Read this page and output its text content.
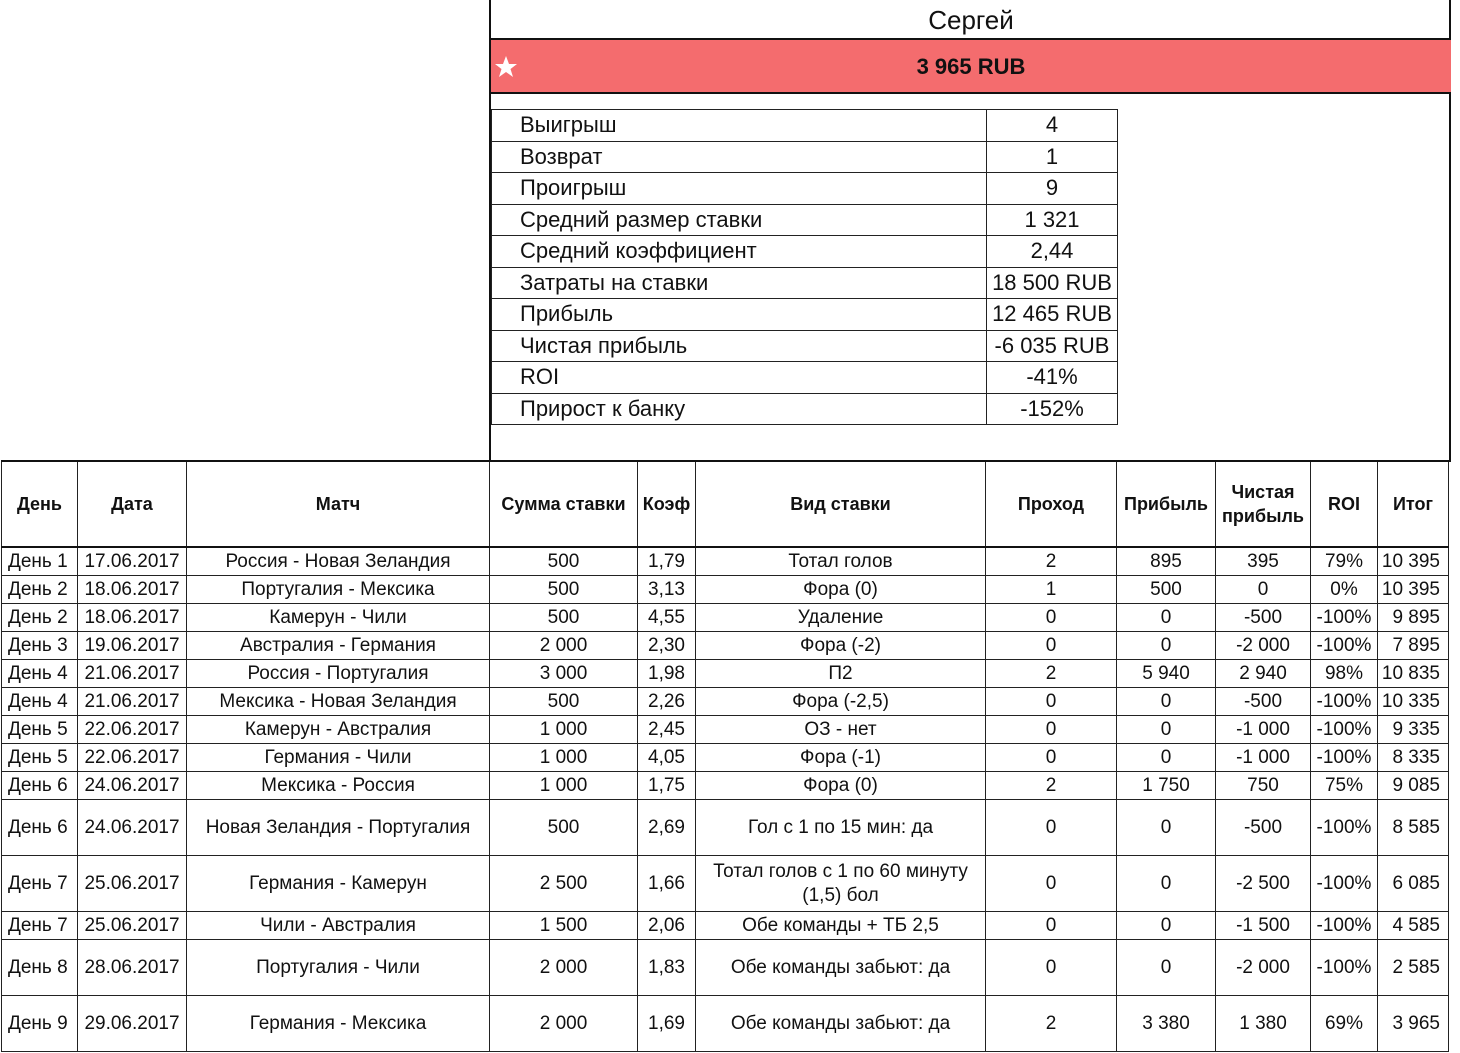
Сергей
3 965 RUB
Выигрыш	4
Возврат	1
Проигрыш	9
Средний размер ставки	1 321
Средний коэффициент	2,44
Затраты на ставки	18 500 RUB
Прибыль	12 465 RUB
Чистая прибыль	-6 035 RUB
ROI	-41%
Прирост к банку	-152%
День	Дата	Матч	Сумма ставки	Коэф	Вид ставки	Проход	Прибыль	Чистая прибыль	ROI	Итог
День 1	17.06.2017	Россия - Новая Зеландия	500	1,79	Тотал голов	2	895	395	79%	10 395
День 2	18.06.2017	Португалия - Мексика	500	3,13	Фора (0)	1	500	0	0%	10 395
День 2	18.06.2017	Камерун - Чили	500	4,55	Удаление	0	0	-500	-100%	9 895
День 3	19.06.2017	Австралия - Германия	2 000	2,30	Фора (-2)	0	0	-2 000	-100%	7 895
День 4	21.06.2017	Россия - Португалия	3 000	1,98	П2	2	5 940	2 940	98%	10 835
День 4	21.06.2017	Мексика - Новая Зеландия	500	2,26	Фора (-2,5)	0	0	-500	-100%	10 335
День 5	22.06.2017	Камерун - Австралия	1 000	2,45	ОЗ - нет	0	0	-1 000	-100%	9 335
День 5	22.06.2017	Германия - Чили	1 000	4,05	Фора (-1)	0	0	-1 000	-100%	8 335
День 6	24.06.2017	Мексика - Россия	1 000	1,75	Фора (0)	2	1 750	750	75%	9 085
День 6	24.06.2017	Новая Зеландия - Португалия	500	2,69	Гол с 1 по 15 мин: да	0	0	-500	-100%	8 585
День 7	25.06.2017	Германия - Камерун	2 500	1,66	Тотал голов с 1 по 60 минуту (1,5) бол	0	0	-2 500	-100%	6 085
День 7	25.06.2017	Чили - Австралия	1 500	2,06	Обе команды + ТБ 2,5	0	0	-1 500	-100%	4 585
День 8	28.06.2017	Португалия - Чили	2 000	1,83	Обе команды забьют: да	0	0	-2 000	-100%	2 585
День 9	29.06.2017	Германия - Мексика	2 000	1,69	Обе команды забьют: да	2	3 380	1 380	69%	3 965
